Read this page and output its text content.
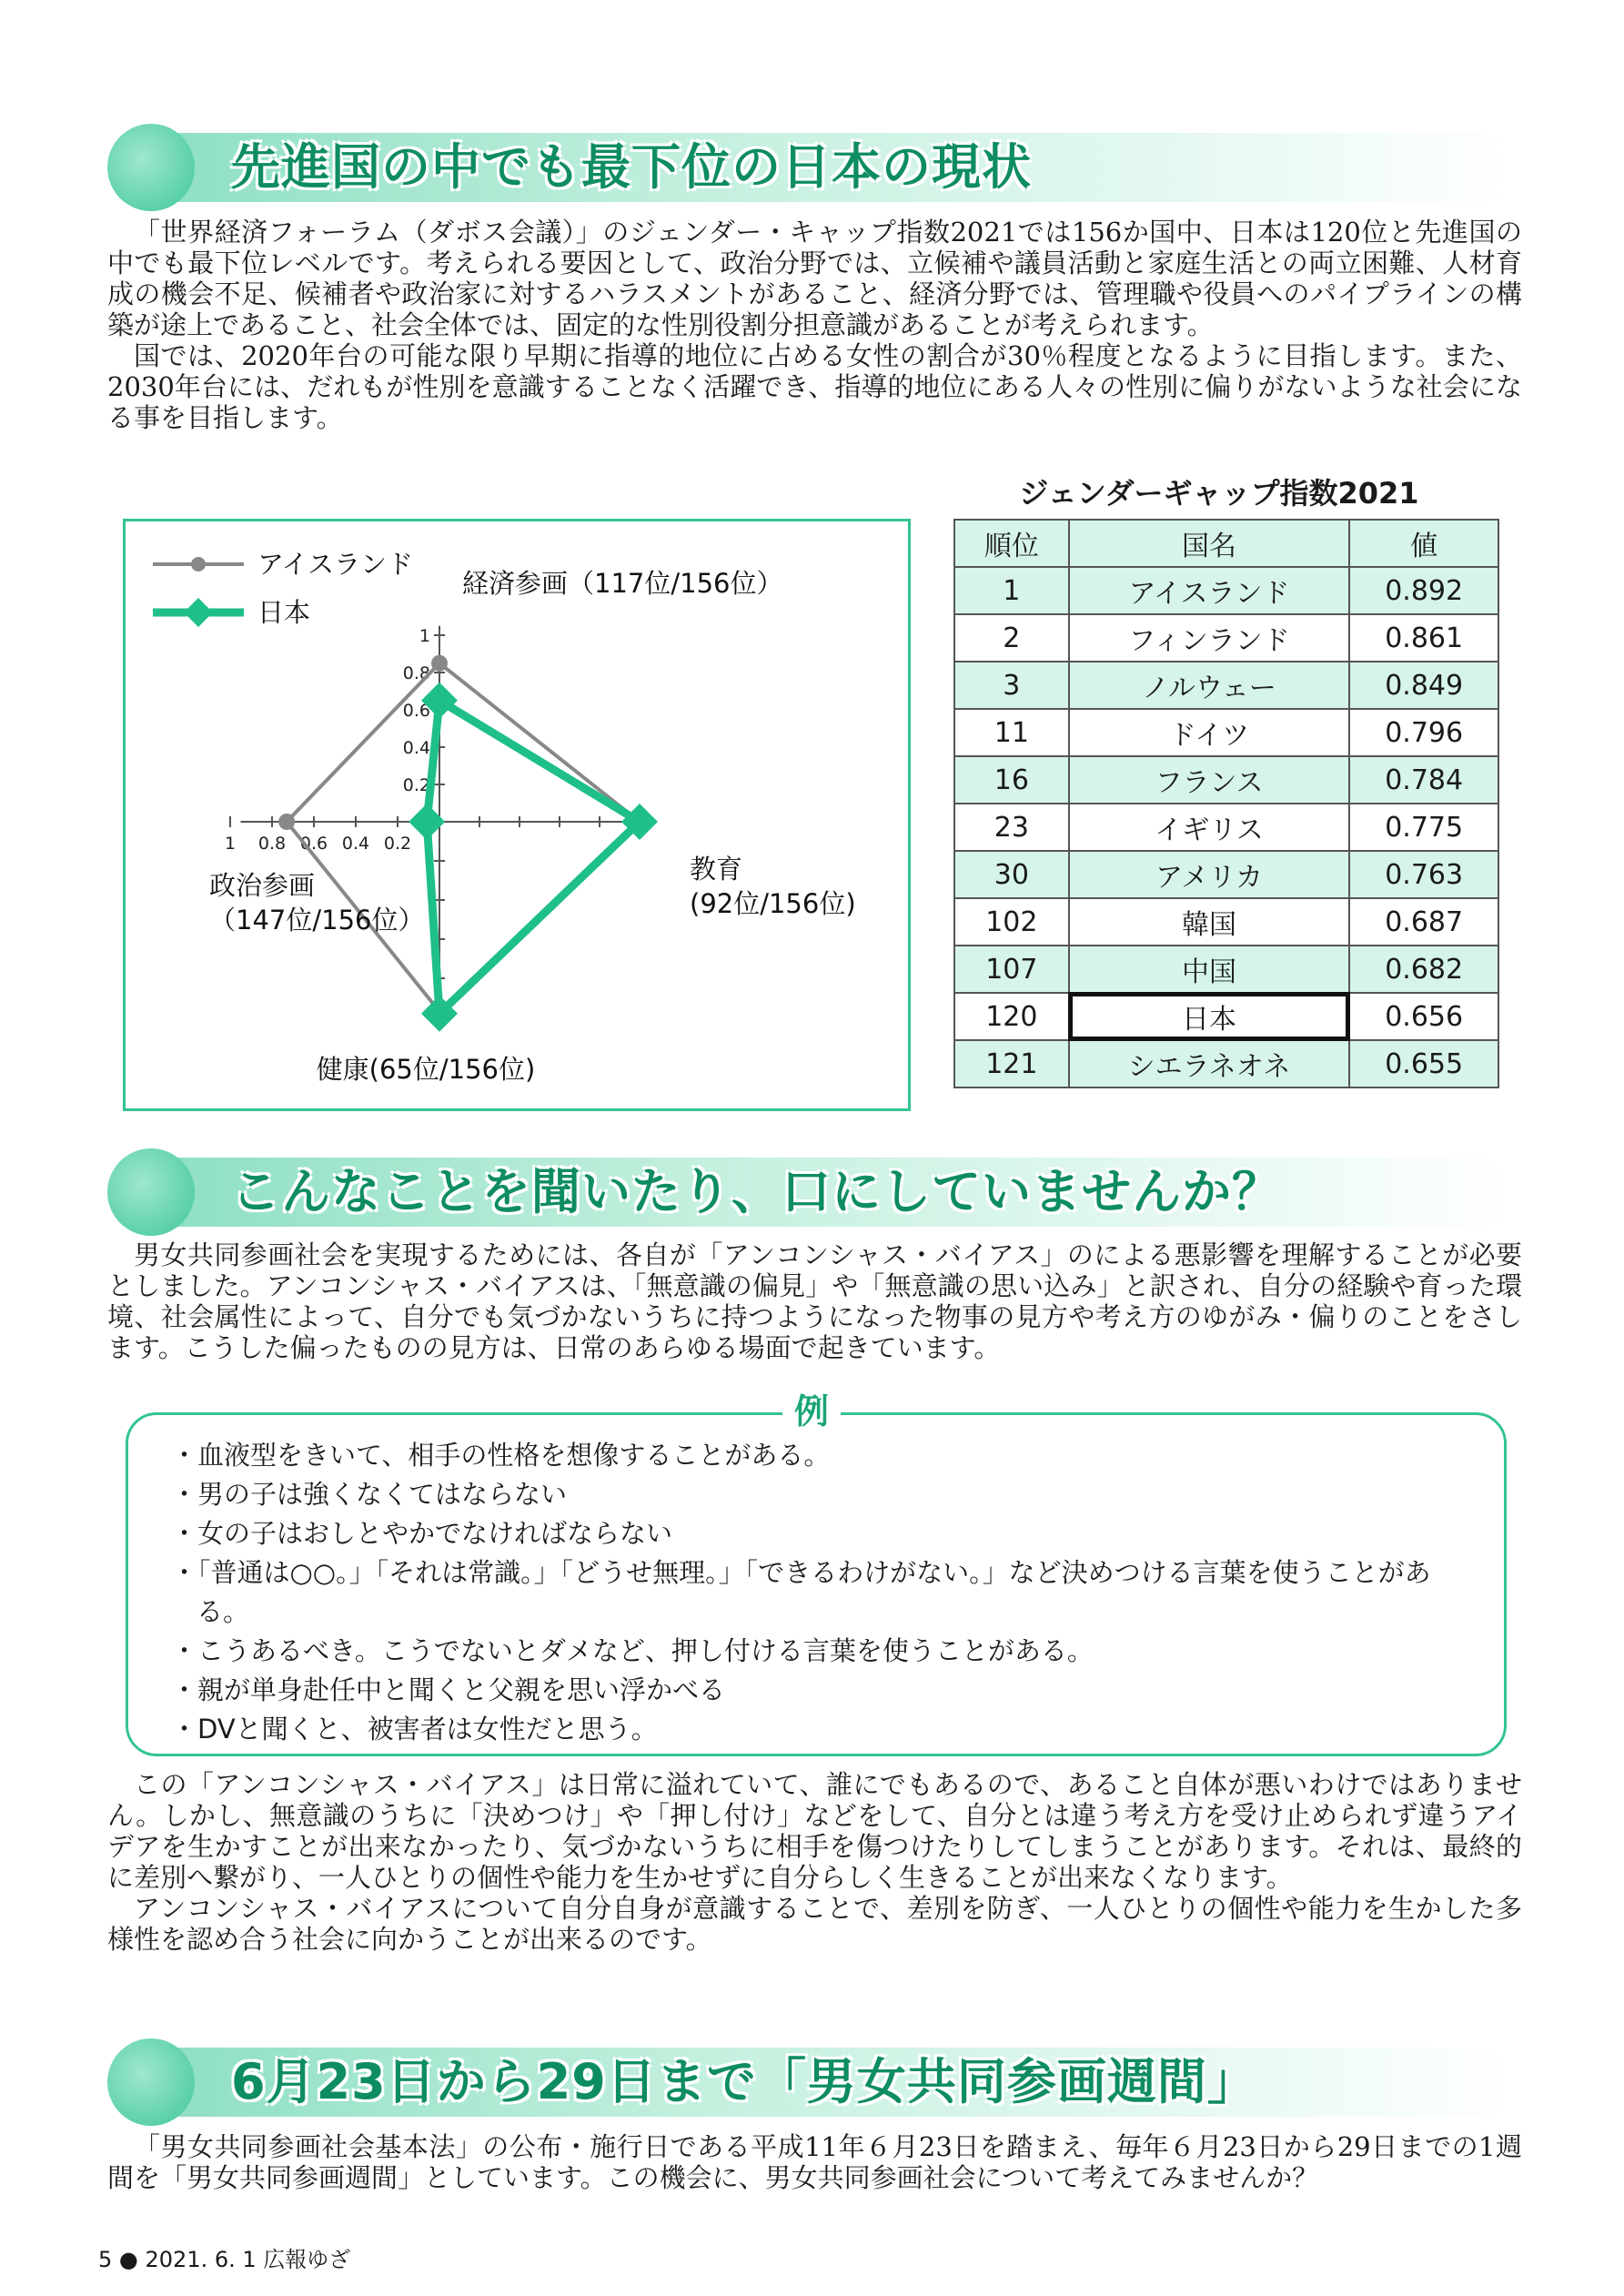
先進国の中でも最下位の日本の現状

「世界経済フォーラム（ダボス会議）」のジェンダー・キャップ指数2021では156か国中、日本は120位と先進国の中でも最下位レベルです。考えられる要因として、政治分野では、立候補や議員活動と家庭生活との両立困難、人材育成の機会不足、候補者や政治家に対するハラスメントがあること、経済分野では、管理職や役員へのパイプラインの構築が途上であること、社会全体では、固定的な性別役割分担意識があることが考えられます。

国では、2020年台の可能な限り早期に指導的地位に占める女性の割合が30％程度となるように目指します。また、2030年台には、だれもが性別を意識することなく活躍でき、指導的地位にある人々の性別に偏りがないような社会になる事を目指します。

0.2
0.4
0.6
0.8
1
0.2
0.4
0.6
0.8
1
経済参画（117位/156位）
教育
(92位/156位)
健康(65位/156位)
政治参画
（147位/156位）
アイスランド
日本
ジェンダーギャップ指数2021
順位	国名	値
1	アイスランド	0.892
2	フィンランド	0.861
3	ノルウェー	0.849
11	ドイツ	0.796
16	フランス	0.784
23	イギリス	0.775
30	アメリカ	0.763
102	韓国	0.687
107	中国	0.682
120	日本	0.656
121	シエラネオネ	0.655
こんなことを聞いたり、口にしていませんか？

男女共同参画社会を実現するためには、各自が「アンコンシャス・バイアス」のによる悪影響を理解することが必要としました。アンコンシャス・バイアスは、「無意識の偏見」や「無意識の思い込み」と訳され、自分の経験や育った環境、社会属性によって、自分でも気づかないうちに持つようになった物事の見方や考え方のゆがみ・偏りのことをさします。こうした偏ったものの見方は、日常のあらゆる場面で起きています。

例
・血液型をきいて、相手の性格を想像することがある。
・男の子は強くなくてはならない
・女の子はおしとやかでなければならない
・「普通は○○。」「それは常識。」「どうせ無理。」「できるわけがない。」など決めつける言葉を使うことがある。
・こうあるべき。こうでないとダメなど、押し付ける言葉を使うことがある。
・親が単身赴任中と聞くと父親を思い浮かべる
・DVと聞くと、被害者は女性だと思う。

この「アンコンシャス・バイアス」は日常に溢れていて、誰にでもあるので、あること自体が悪いわけではありません。しかし、無意識のうちに「決めつけ」や「押し付け」などをして、自分とは違う考え方を受け止められず違うアイデアを生かすことが出来なかったり、気づかないうちに相手を傷つけたりしてしまうことがあります。それは、最終的に差別へ繋がり、一人ひとりの個性や能力を生かせずに自分らしく生きることが出来なくなります。

アンコンシャス・バイアスについて自分自身が意識することで、差別を防ぎ、一人ひとりの個性や能力を生かした多様性を認め合う社会に向かうことが出来るのです。

6月23日から29日まで「男女共同参画週間」

「男女共同参画社会基本法」の公布・施行日である平成11年６月23日を踏まえ、毎年６月23日から29日までの1週間を「男女共同参画週間」としています。この機会に、男女共同参画社会について考えてみませんか？

5 ● 2021. 6. 1 広報ゆざ
